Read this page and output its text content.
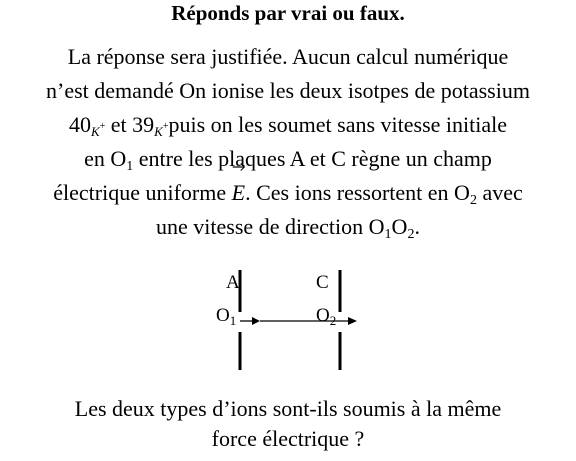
Réponds par vrai ou faux.
La réponse sera justifiée. Aucun calcul numérique
n’est demandé On ionise les deux isotpes de potassium
40K+ et 39K+puis on les soumet sans vitesse initiale
en O1 entre les plaques A et C règne un champ
électrique uniforme
E. Ces ions ressortent en O2 avec
une vitesse de direction O1O2.
A	C
$O_1$	$O_2$
Les deux types d’ions sont-ils soumis à la même
force électrique ?
